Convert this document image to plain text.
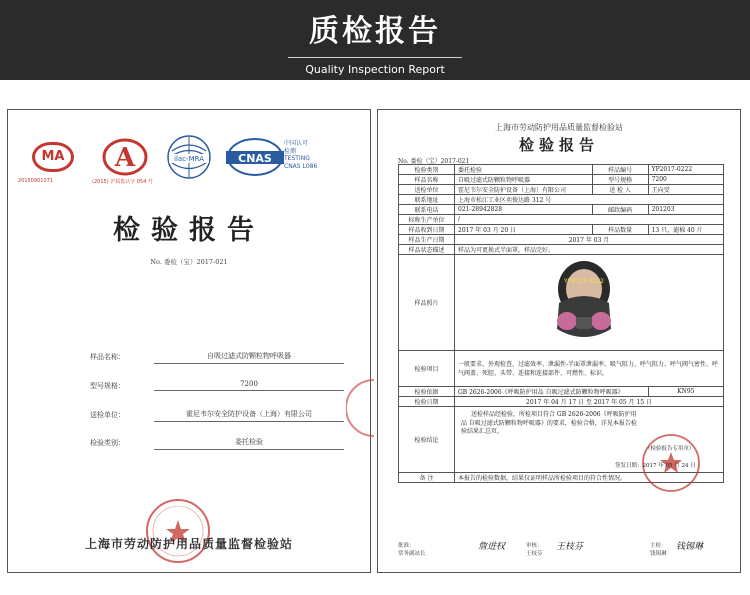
质检报告
Quality Inspection Report
MA
20150901071
A
(2015) 沪质监认字 054 号
ilac-MRA	CNAS
中国认可
检测
TESTING
CNAS L086
检验报告
No. 委检（宝）2017-021
样品名称：	自吸过滤式防颗粒物呼吸器
型号规格：	7200
送检单位：	霍尼韦尔安全防护设备（上海）有限公司
检验类别：	委托检验
上海市劳动防护用品质量监督检验站
上海市劳动防护用品质量监督检验站
检验报告
No. 委检（宝）2017-021
检验类别	委托检验	样品编号	YP2017-0222
样品名称	自吸过滤式防颗粒物呼吸器	型号规格	7200
送检单位	霍尼韦尔安全防护设备（上海）有限公司	送 检 人	王向旻
联系地址	上海市松江工业区奕俊达路 312 号		
联系电话	021-28942828	邮政编码	201203
标称生产单位	/		
样品收到日期	2017 年 03 月 20 日	样品数量	13 只，滤棉 40 片
样品生产日期	2017 年 03 月		
样品状态描述	样品为可更换式半面罩，样品完好。		
样品照片	YP2017-0222		

检验项目	一般要求、外观检查、过滤效率、泄漏性-半面罩泄漏率、吸气阻力、呼气阻力、呼气阀气密性、呼气阀盖、死腔、头带、连接和连接部件、可燃性、标识。		
检验依据	GB 2626-2006《呼吸防护用品 自吸过滤式防颗粒物呼吸器》		KN95
检验日期	2017 年 04 月 17 日 至 2017 年 05 月 15 日		
检验结论	送检样品经检验，所检项目符合 GB 2626-2006《呼吸防护用品 自吸过滤式防颗粒物呼吸器》的要求，检验合格，详见本报告检验结果汇总页。
（检验报告专用章）
签发日期：2017 年 05 月 24 日		

备 注	本报告的检验数据，结果仅证明样品所检验项目的符合性情况。		
批准：
常务副站长
詹进权	审核：
王枝芬
王枝芬	主检：
钱锡琳
钱锡琳
